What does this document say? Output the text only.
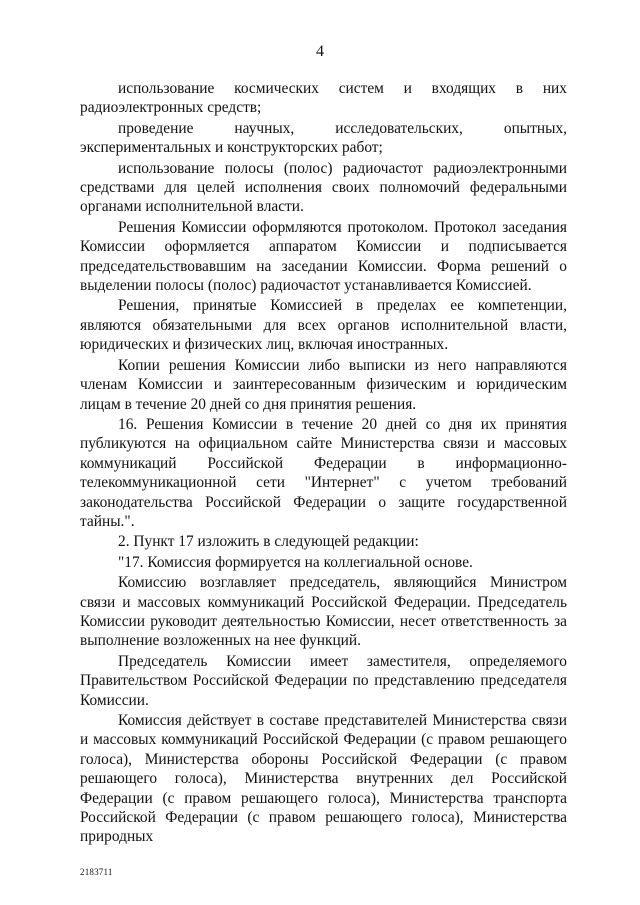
4

использование космических систем и входящих в них радиоэлектронных средств;

проведение научных, исследовательских, опытных, экспериментальных и конструкторских работ;

использование полосы (полос) радиочастот радиоэлектронными средствами для целей исполнения своих полномочий федеральными органами исполнительной власти.

Решения Комиссии оформляются протоколом. Протокол заседания Комиссии оформляется аппаратом Комиссии и подписывается председательствовавшим на заседании Комиссии. Форма решений о выделении полосы (полос) радиочастот устанавливается Комиссией.

Решения, принятые Комиссией в пределах ее компетенции, являются обязательными для всех органов исполнительной власти, юридических и физических лиц, включая иностранных.

Копии решения Комиссии либо выписки из него направляются членам Комиссии и заинтересованным физическим и юридическим лицам в течение 20 дней со дня принятия решения.

16. Решения Комиссии в течение 20 дней со дня их принятия публикуются на официальном сайте Министерства связи и массовых коммуникаций Российской Федерации в информационно-телекоммуникационной сети "Интернет" с учетом требований законодательства Российской Федерации о защите государственной тайны.".

2. Пункт 17 изложить в следующей редакции:

"17. Комиссия формируется на коллегиальной основе.

Комиссию возглавляет председатель, являющийся Министром связи и массовых коммуникаций Российской Федерации. Председатель Комиссии руководит деятельностью Комиссии, несет ответственность за выполнение возложенных на нее функций.

Председатель Комиссии имеет заместителя, определяемого Правительством Российской Федерации по представлению председателя Комиссии.

Комиссия действует в составе представителей Министерства связи и массовых коммуникаций Российской Федерации (с правом решающего голоса), Министерства обороны Российской Федерации (с правом решающего голоса), Министерства внутренних дел Российской Федерации (с правом решающего голоса), Министерства транспорта Российской Федерации (с правом решающего голоса), Министерства природных

2183711
